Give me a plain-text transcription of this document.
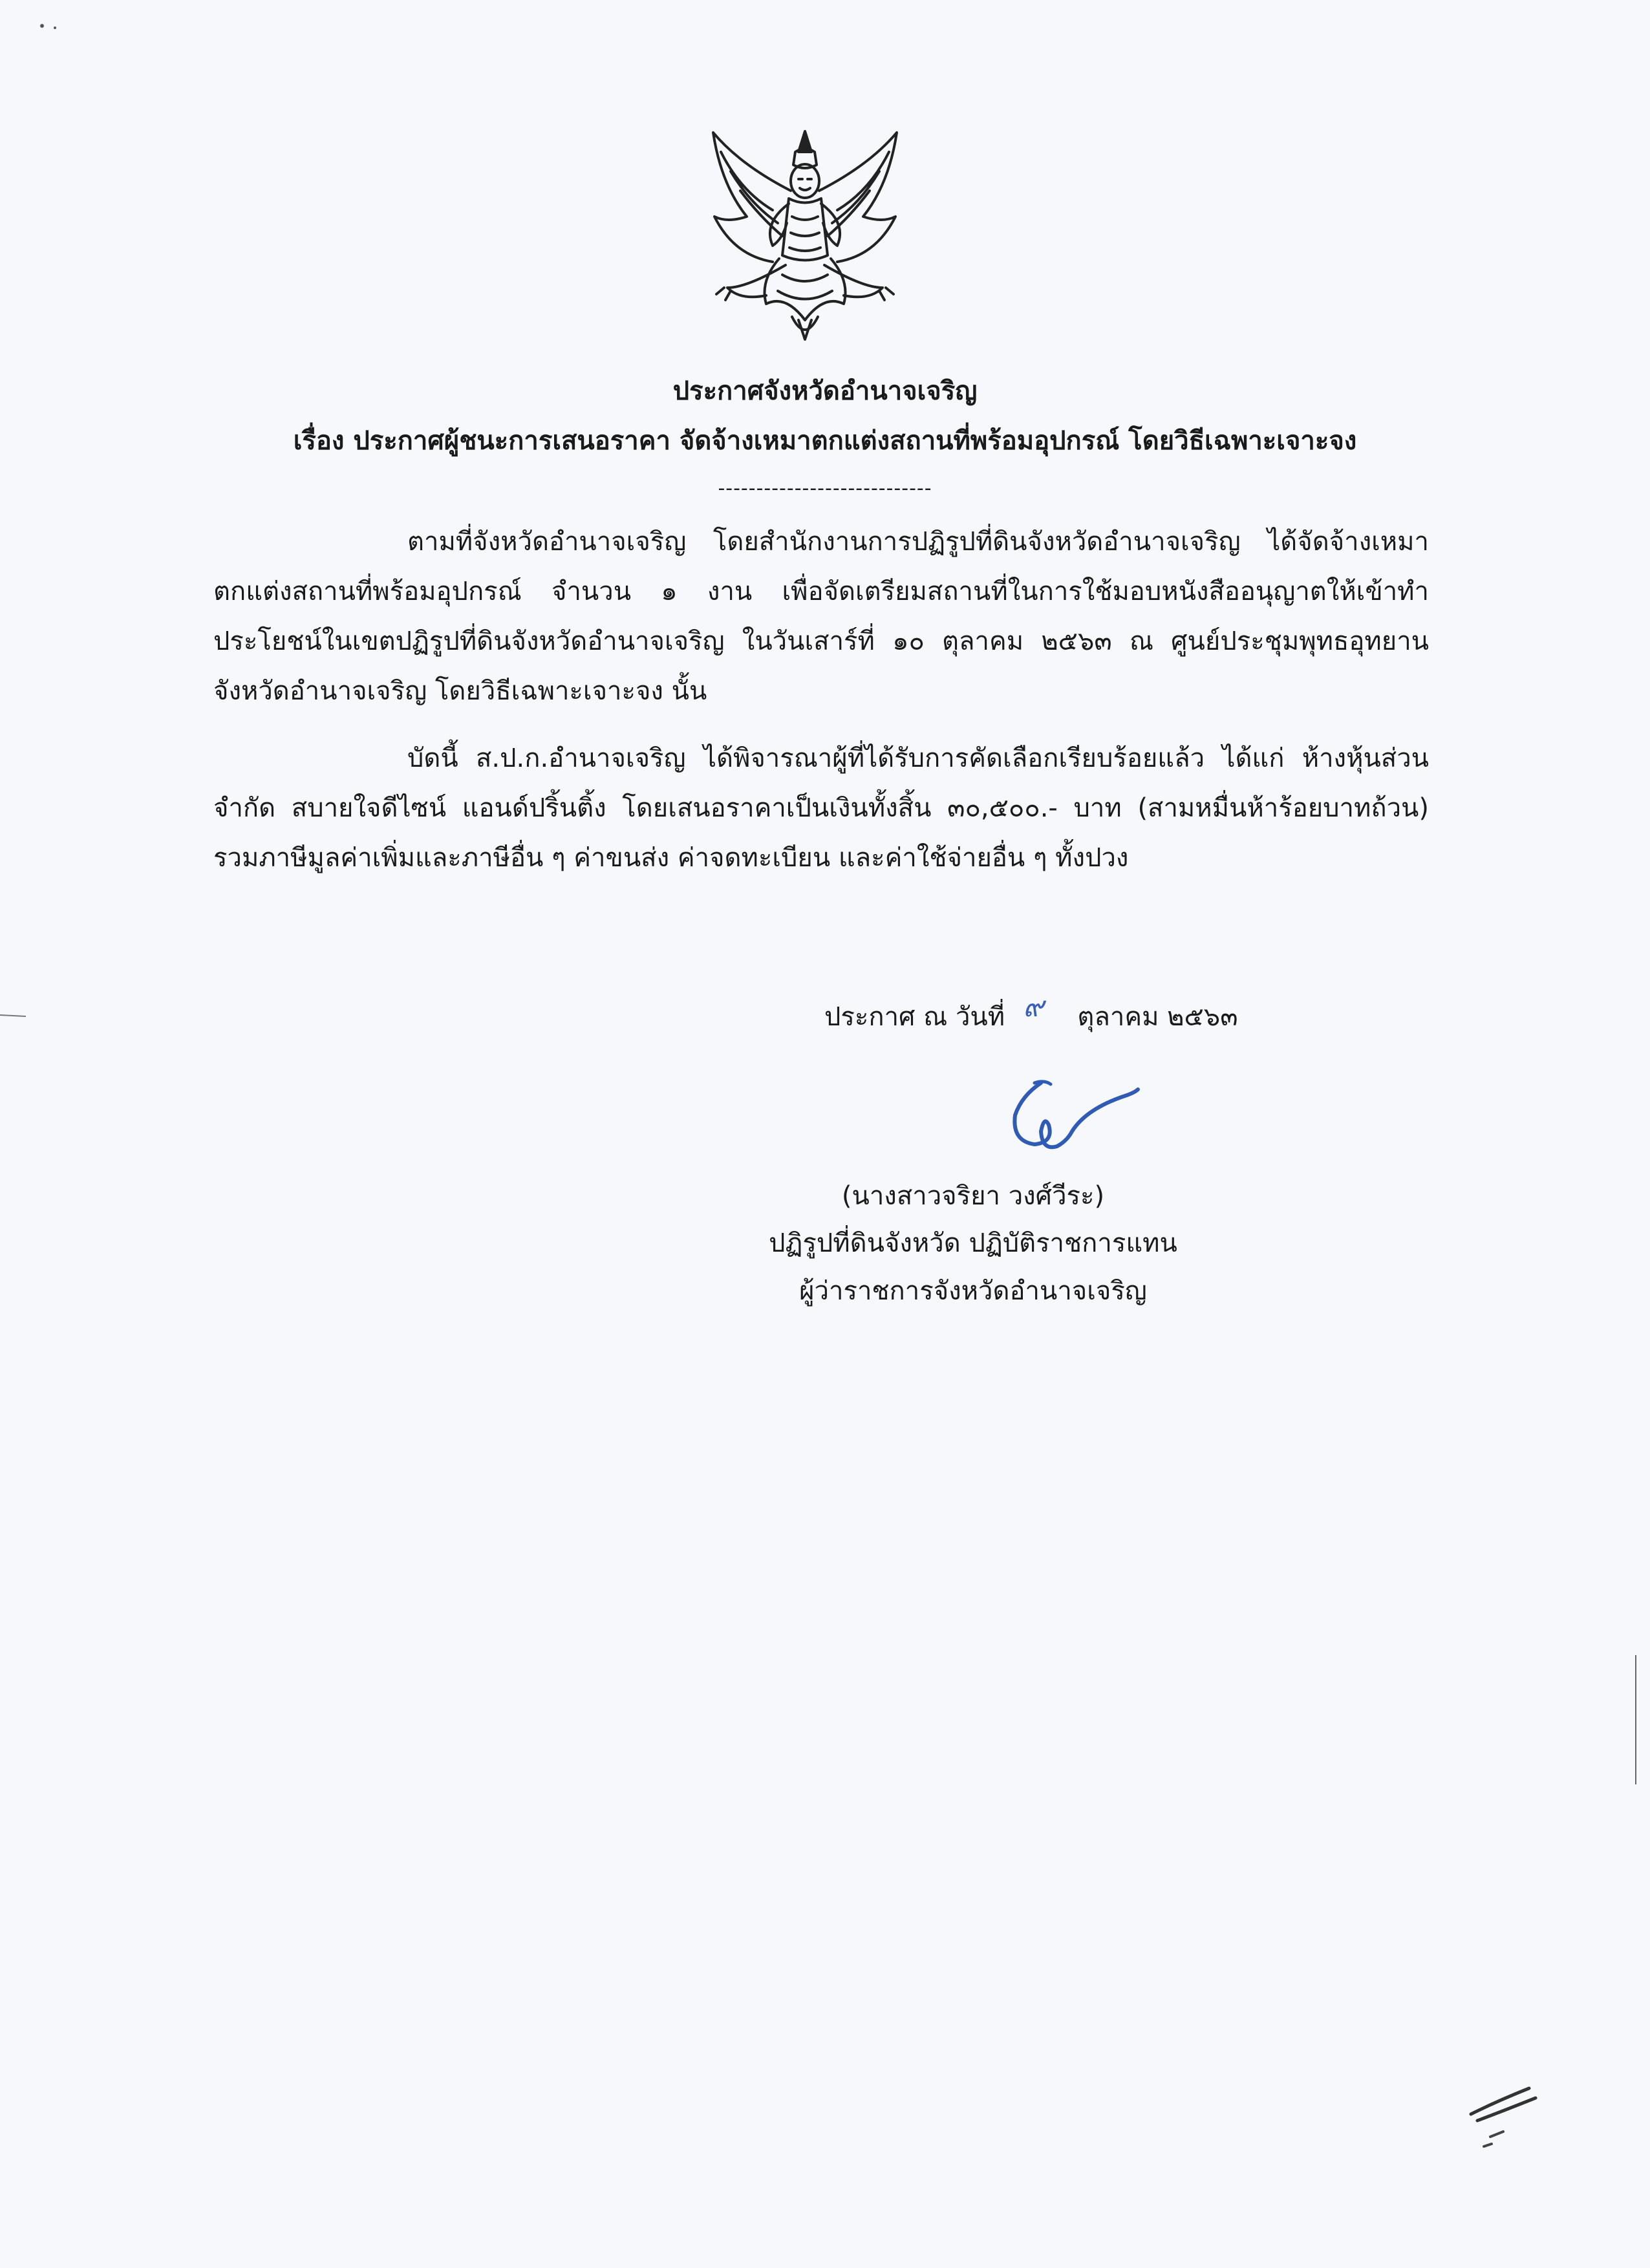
ประกาศจังหวัดอำนาจเจริญ
เรื่อง ประกาศผู้ชนะการเสนอราคา จัดจ้างเหมาตกแต่งสถานที่พร้อมอุปกรณ์ โดยวิธีเฉพาะเจาะจง
----------------------------

ตามที่จังหวัดอำนาจเจริญ โดยสำนักงานการปฏิรูปที่ดินจังหวัดอำนาจเจริญ ได้จัดจ้างเหมาตกแต่งสถานที่พร้อมอุปกรณ์ จำนวน ๑ งาน เพื่อจัดเตรียมสถานที่ในการใช้มอบหนังสืออนุญาตให้เข้าทำประโยชน์ในเขตปฏิรูปที่ดินจังหวัดอำนาจเจริญ ในวันเสาร์ที่ ๑๐ ตุลาคม ๒๕๖๓ ณ ศูนย์ประชุมพุทธอุทยานจังหวัดอำนาจเจริญ โดยวิธีเฉพาะเจาะจง นั้น

บัดนี้ ส.ป.ก.อำนาจเจริญ ได้พิจารณาผู้ที่ได้รับการคัดเลือกเรียบร้อยแล้ว ได้แก่ ห้างหุ้นส่วนจำกัด สบายใจดีไซน์ แอนด์ปริ้นติ้ง โดยเสนอราคาเป็นเงินทั้งสิ้น ๓๐,๕๐๐.- บาท (สามหมื่นห้าร้อยบาทถ้วน) รวมภาษีมูลค่าเพิ่มและภาษีอื่น ๆ ค่าขนส่ง ค่าจดทะเบียน และค่าใช้จ่ายอื่น ๆ ทั้งปวง

ประกาศ ณ วันที่ ๙ ตุลาคม ๒๕๖๓
(นางสาวจริยา วงศ์วีระ)
ปฏิรูปที่ดินจังหวัด ปฏิบัติราชการแทน
ผู้ว่าราชการจังหวัดอำนาจเจริญ
